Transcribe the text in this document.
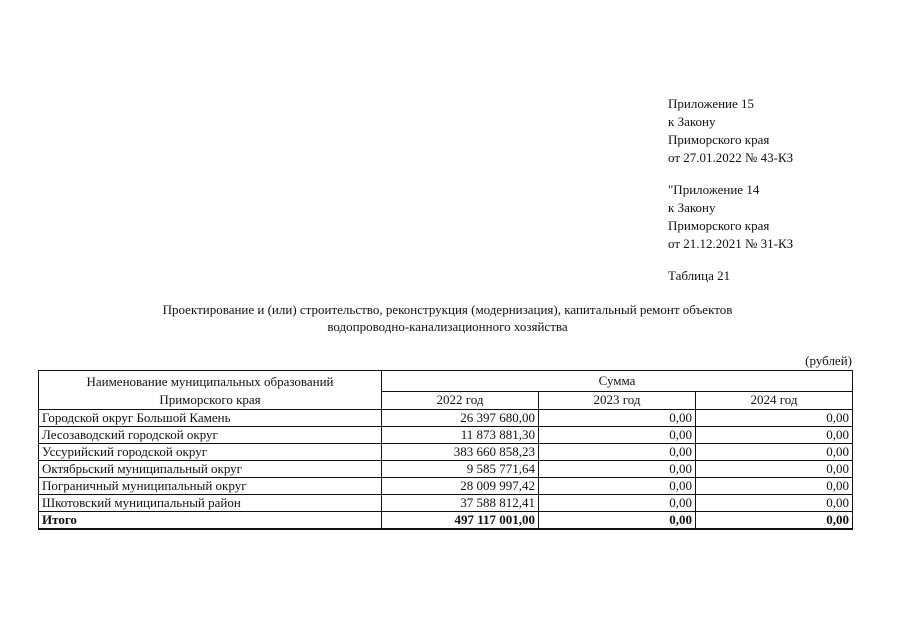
Приложение 15
к Закону
Приморского края
от 27.01.2022 № 43-КЗ
"Приложение 14
к Закону
Приморского края
от 21.12.2021 № 31-КЗ
Таблица 21
Проектирование и (или) строительство, реконструкция (модернизация), капитальный ремонт объектов
водопроводно-канализационного хозяйства
(рублей)
Наименование муниципальных образований Приморского края	Сумма		
	2022 год	2023 год	2024 год
Городской округ Большой Камень	26 397 680,00	0,00	0,00
Лесозаводский городской округ	11 873 881,30	0,00	0,00
Уссурийский городской округ	383 660 858,23	0,00	0,00
Октябрьский муниципальный округ	9 585 771,64	0,00	0,00
Пограничный муниципальный округ	28 009 997,42	0,00	0,00
Шкотовский муниципальный район	37 588 812,41	0,00	0,00
Итого	497 117 001,00	0,00	0,00
